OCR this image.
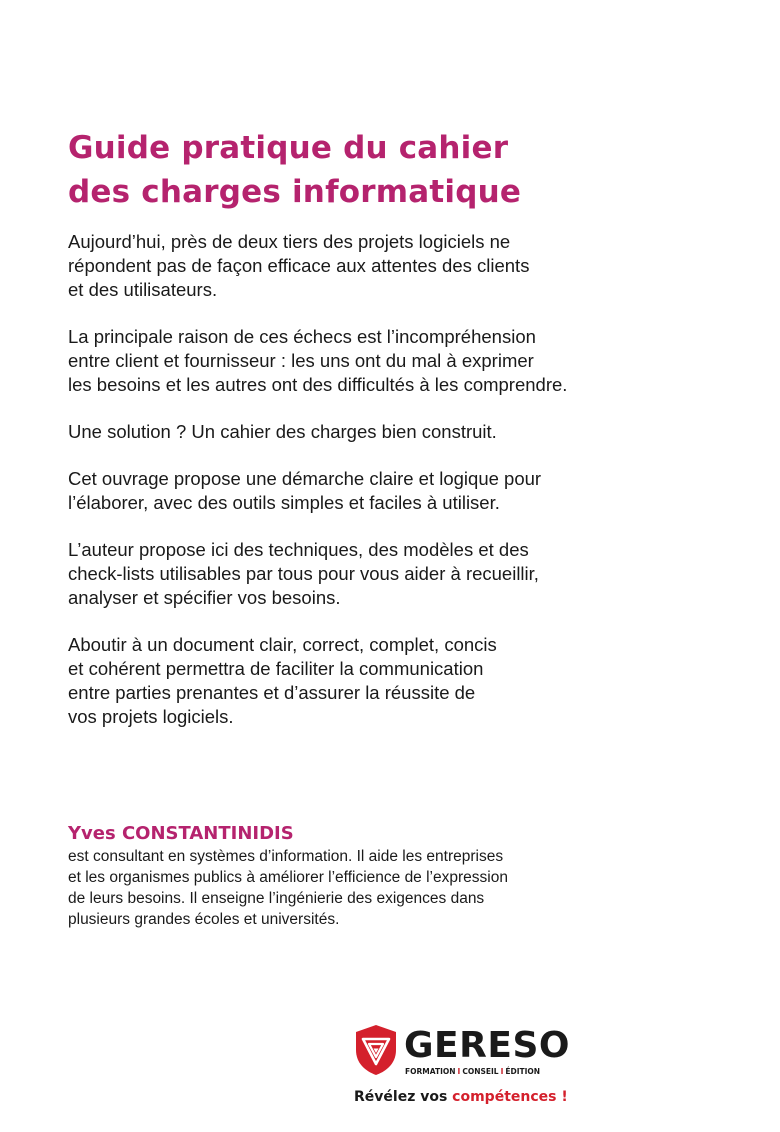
Guide pratique du cahier
des charges informatique

Aujourd’hui, près de deux tiers des projets logiciels ne
répondent pas de façon efficace aux attentes des clients
et des utilisateurs.

La principale raison de ces échecs est l’incompréhension
entre client et fournisseur : les uns ont du mal à exprimer
les besoins et les autres ont des difficultés à les comprendre.

Une solution ? Un cahier des charges bien construit.

Cet ouvrage propose une démarche claire et logique pour
l’élaborer, avec des outils simples et faciles à utiliser.

L’auteur propose ici des techniques, des modèles et des
check-lists utilisables par tous pour vous aider à recueillir,
analyser et spécifier vos besoins.

Aboutir à un document clair, correct, complet, concis
et cohérent permettra de faciliter la communication
entre parties prenantes et d’assurer la réussite de
vos projets logiciels.

Yves CONSTANTINIDIS

est consultant en systèmes d’information. Il aide les entreprises
et les organismes publics à améliorer l’efficience de l’expression
de leurs besoins. Il enseigne l’ingénierie des exigences dans
plusieurs grandes écoles et universités.

GERESO
FORMATION I CONSEIL I ÉDITION
Révélez vos compétences !
